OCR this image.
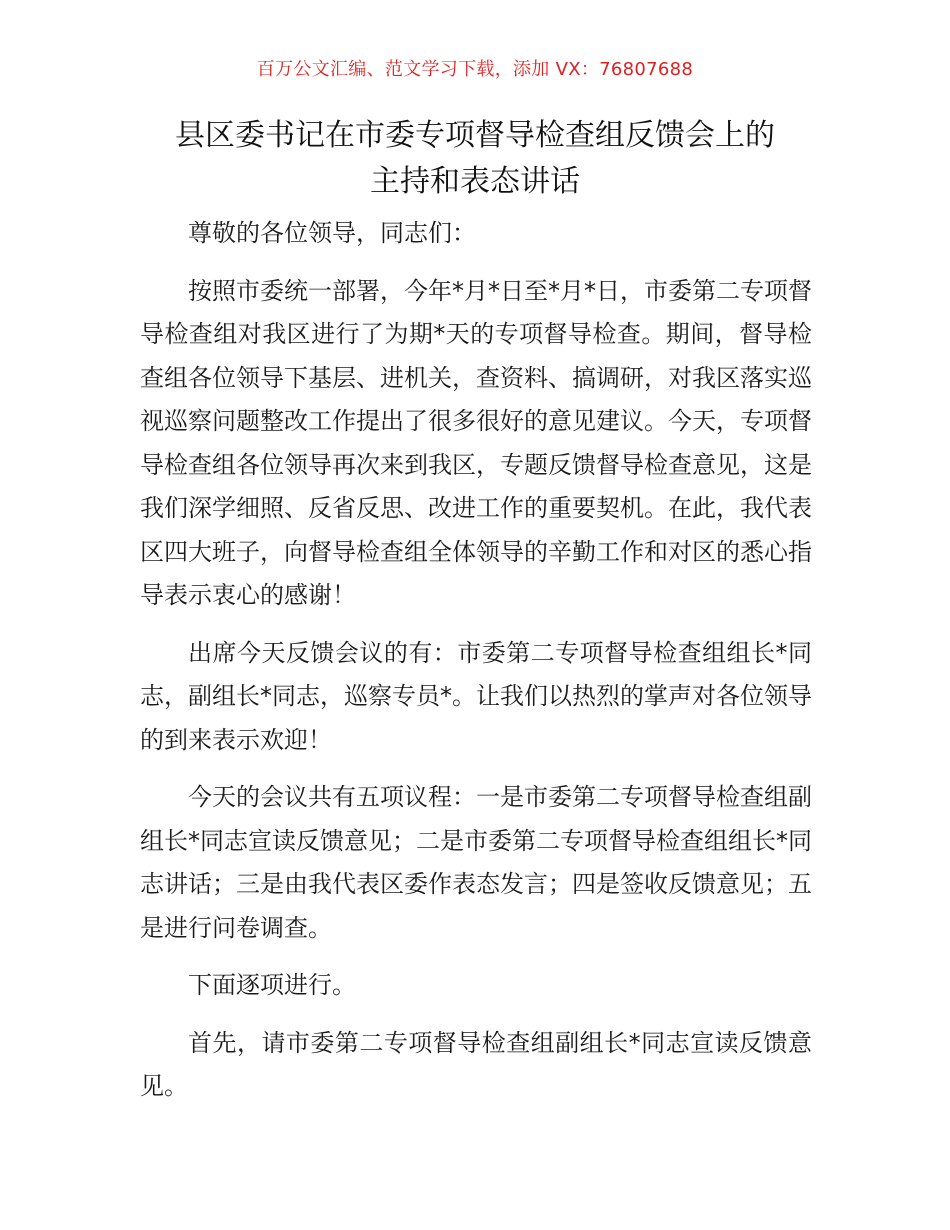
百万公文汇编、范文学习下载，添加 VX：76807688
县区委书记在市委专项督导检查组反馈会上的
主持和表态讲话

尊敬的各位领导，同志们：

按照市委统一部署，今年*月*日至*月*日，市委第二专项督导检查组对我区进行了为期*天的专项督导检查。期间，督导检查组各位领导下基层、进机关，查资料、搞调研，对我区落实巡视巡察问题整改工作提出了很多很好的意见建议。今天，专项督导检查组各位领导再次来到我区，专题反馈督导检查意见，这是我们深学细照、反省反思、改进工作的重要契机。在此，我代表区四大班子，向督导检查组全体领导的辛勤工作和对区的悉心指导表示衷心的感谢！

出席今天反馈会议的有：市委第二专项督导检查组组长*同志，副组长*同志，巡察专员*。让我们以热烈的掌声对各位领导的到来表示欢迎！

今天的会议共有五项议程：一是市委第二专项督导检查组副组长*同志宣读反馈意见；二是市委第二专项督导检查组组长*同志讲话；三是由我代表区委作表态发言；四是签收反馈意见；五是进行问卷调查。

下面逐项进行。

首先，请市委第二专项督导检查组副组长*同志宣读反馈意见。
